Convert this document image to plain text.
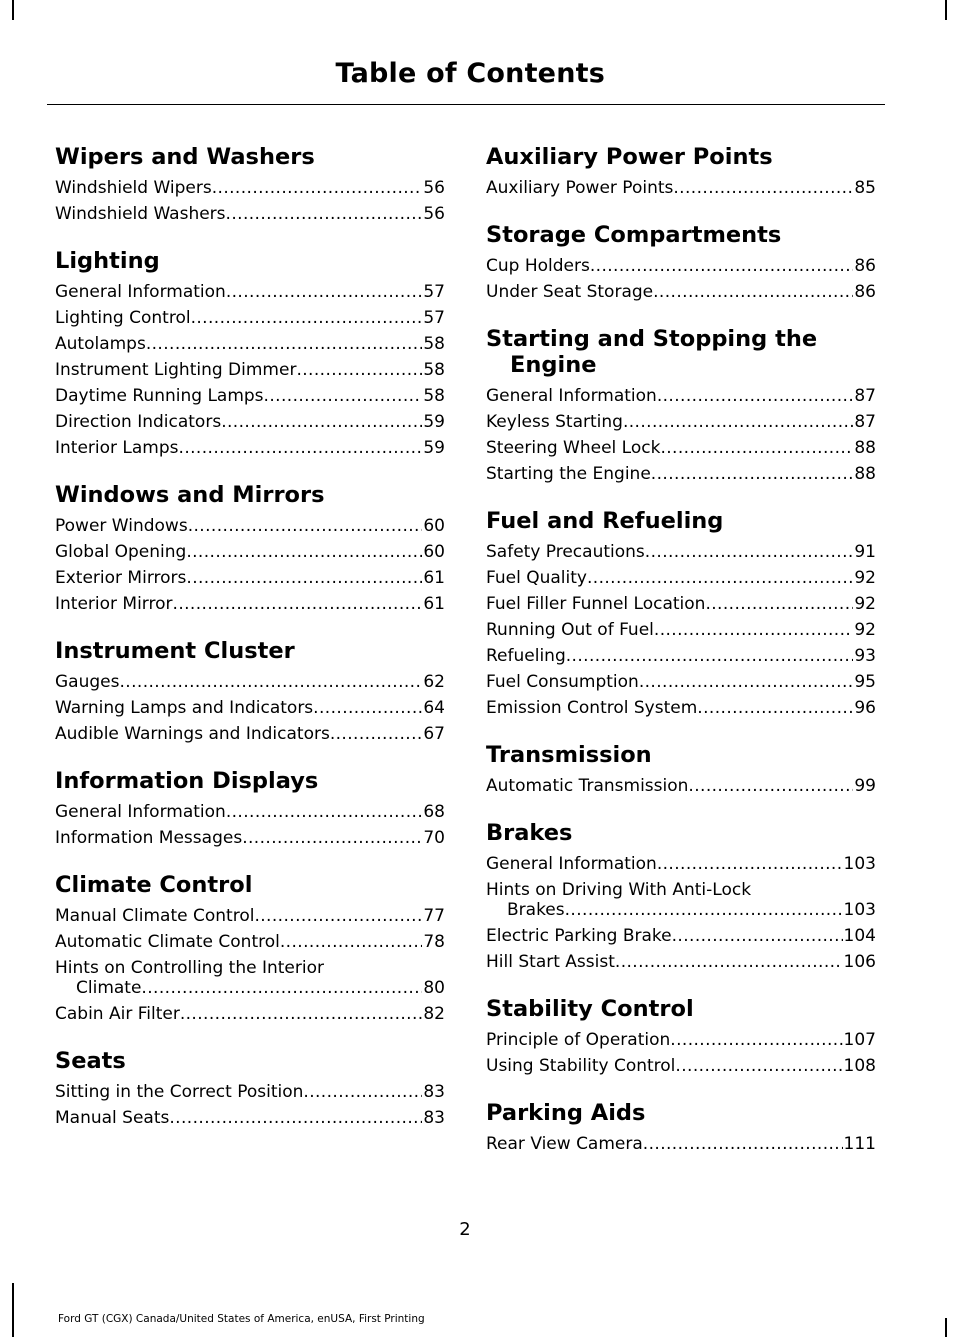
Table of Contents
Wipers and Washers
Windshield Wipers .....	56
Windshield Washers .....	56
Lighting
General Information .....	57
Lighting Control .....	57
Autolamps .....	58
Instrument Lighting Dimmer .....	58
Daytime Running Lamps .....	58
Direction Indicators .....	59
Interior Lamps .....	59
Windows and Mirrors
Power Windows .....	60
Global Opening .....	60
Exterior Mirrors .....	61
Interior Mirror .....	61
Instrument Cluster
Gauges .....	62
Warning Lamps and Indicators .....	64
Audible Warnings and Indicators .....	67
Information Displays
General Information .....	68
Information Messages .....	70
Climate Control
Manual Climate Control .....	77
Automatic Climate Control .....	78
Hints on Controlling the Interior
Climate .....	80
Cabin Air Filter .....	82
Seats
Sitting in the Correct Position .....	83
Manual Seats .....	83
Auxiliary Power Points
Auxiliary Power Points .....	85
Storage Compartments
Cup Holders .....	86
Under Seat Storage .....	86
Starting and Stopping the Engine
General Information .....	87
Keyless Starting .....	87
Steering Wheel Lock .....	88
Starting the Engine .....	88
Fuel and Refueling
Safety Precautions .....	91
Fuel Quality .....	92
Fuel Filler Funnel Location .....	92
Running Out of Fuel .....	92
Refueling .....	93
Fuel Consumption .....	95
Emission Control System .....	96
Transmission
Automatic Transmission .....	99
Brakes
General Information .....	103
Hints on Driving With Anti-Lock
Brakes .....	103
Electric Parking Brake .....	104
Hill Start Assist .....	106
Stability Control
Principle of Operation .....	107
Using Stability Control .....	108
Parking Aids
Rear View Camera .....	111
2
Ford GT (CGX) Canada/United States of America, enUSA, First Printing
